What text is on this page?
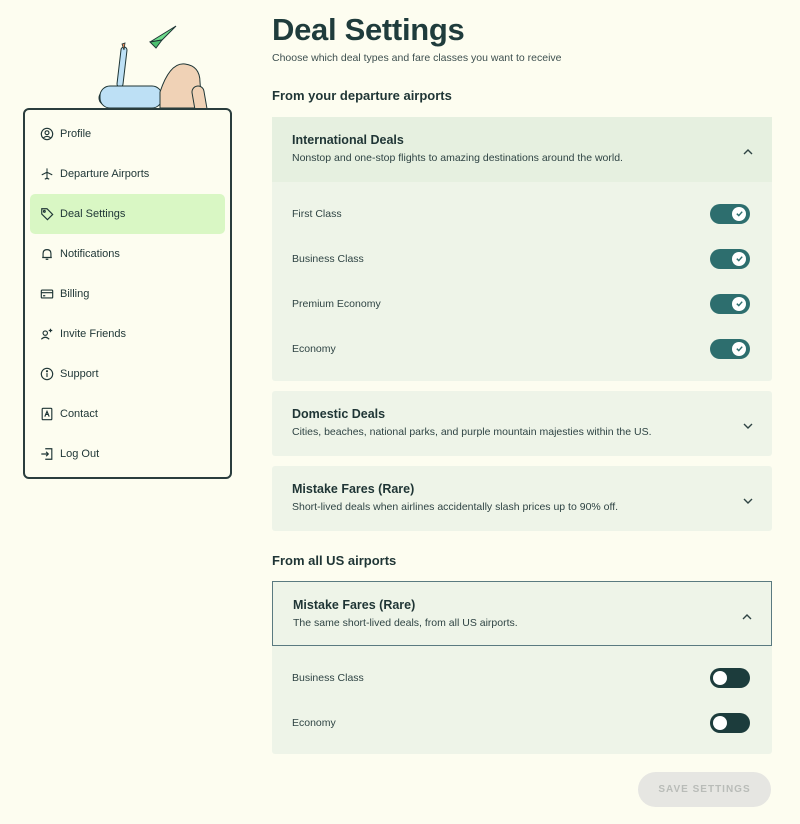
Profile
Departure Airports
Deal Settings
Notifications
Billing
Invite Friends
Support
Contact
Log Out
Deal Settings

Choose which deal types and fare classes you want to receive

From your departure airports
International Deals
Nonstop and one-stop flights to amazing destinations around the world.
First Class
Business Class
Premium Economy
Economy
Domestic Deals
Cities, beaches, national parks, and purple mountain majesties within the US.
Mistake Fares (Rare)
Short-lived deals when airlines accidentally slash prices up to 90% off.
From all US airports
Mistake Fares (Rare)
The same short-lived deals, from all US airports.
Business Class
Economy
SAVE SETTINGS
